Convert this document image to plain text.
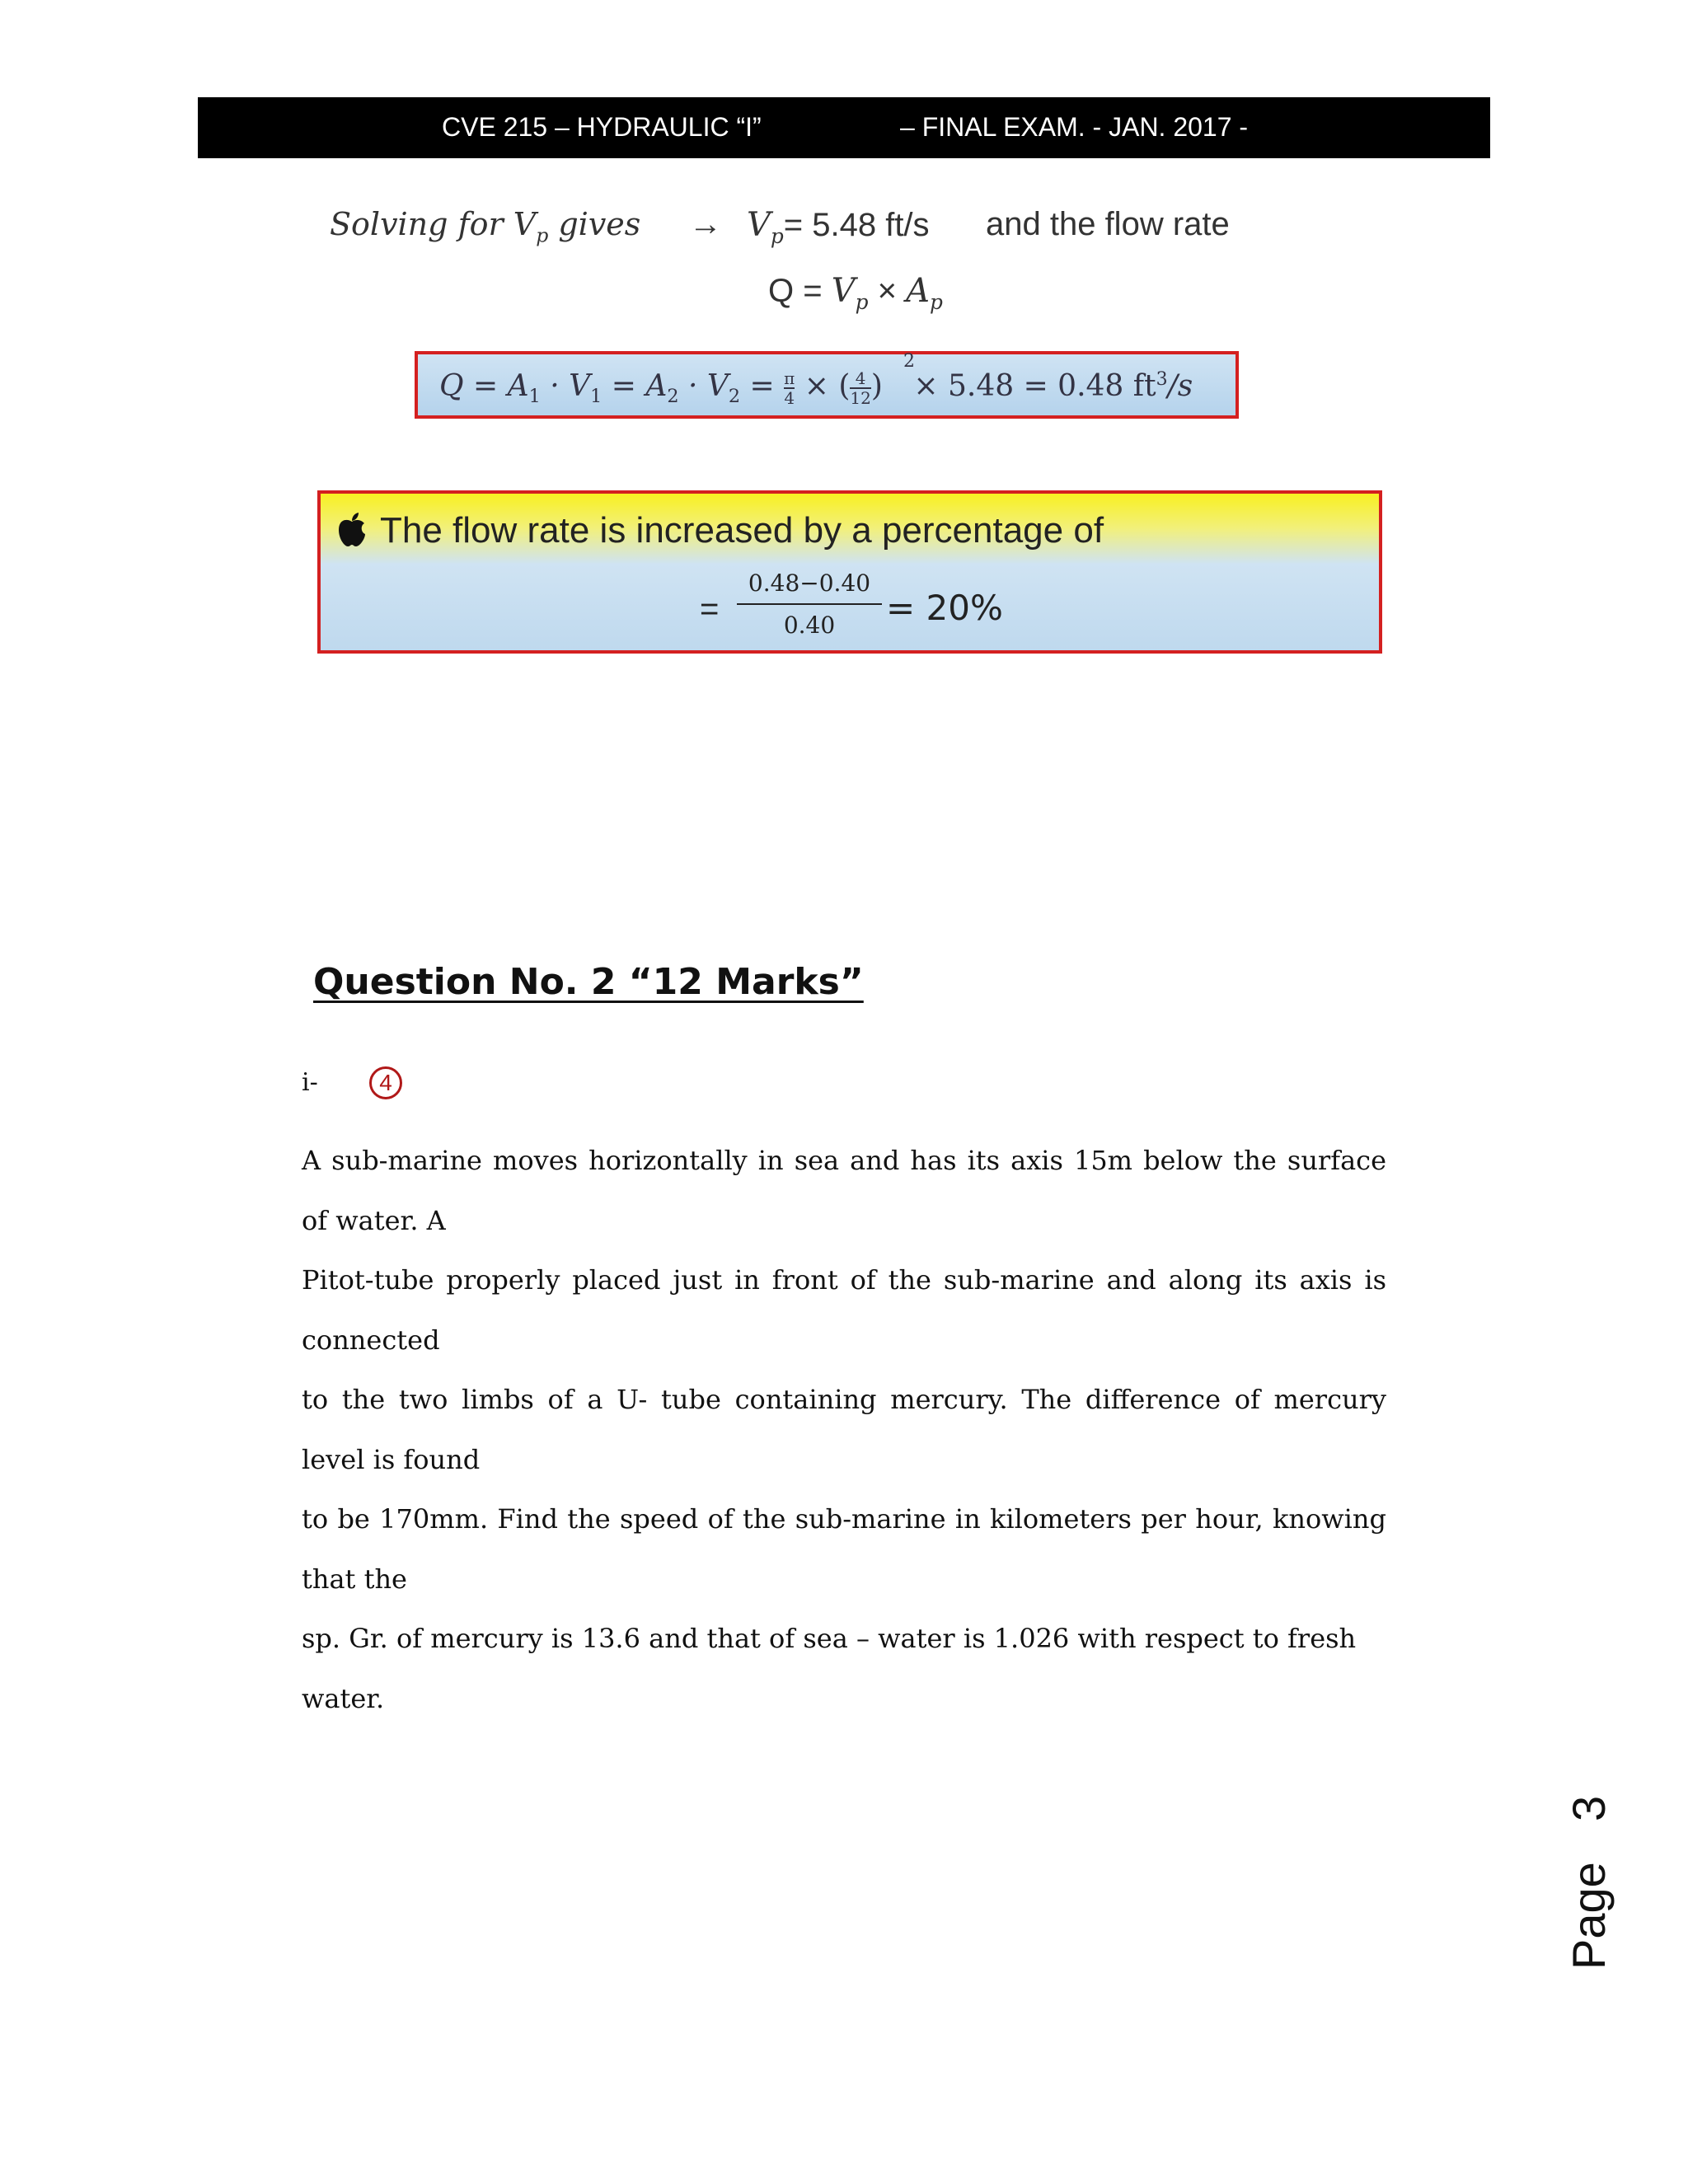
CVE 215 – HYDRAULIC “I”	– FINAL EXAM. - JAN. 2017 -
Solving for $V_p$ gives → $V_p= 5.48$ ft/s and the flow rate
$Q = V_p \times A_p$
$Q = A_1 \cdot V_1 = A_2 \cdot V_2 = \frac{\pi}{4}$ × ( $\frac{4}{12}) \times 5.48 = 0.48$ $ft^3/s$
2
The flow rate is increased by a percentage of
= $\frac{0.48-0.40}{0.40} = 20\%$
Question No. 2 “12 Marks”
i-	4
A sub-marine moves horizontally in sea and has its axis 15m below the surface of water. A
Pitot-tube properly placed just in front of the sub-marine and along its axis is connected
to the two limbs of a U- tube containing mercury. The difference of mercury level is found
to be 170mm. Find the speed of the sub-marine in kilometers per hour, knowing that the
sp. Gr. of mercury is 13.6 and that of sea – water is 1.026 with respect to fresh water.
Page
3
